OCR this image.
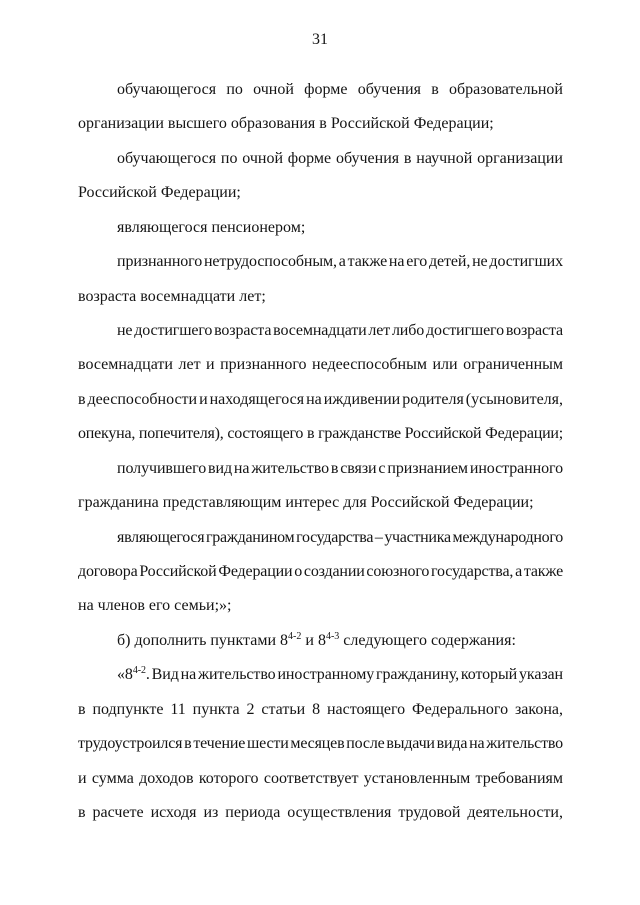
31
обучающегося по очной форме обучения в образовательной
организации высшего образования в Российской Федерации;
обучающегося по очной форме обучения в научной организации
Российской Федерации;
являющегося пенсионером;
признанного нетрудоспособным, а также на его детей, не достигших
возраста восемнадцати лет;
не достигшего возраста восемнадцати лет либо достигшего возраста
восемнадцати лет и признанного недееспособным или ограниченным
в дееспособности и находящегося на иждивении родителя (усыновителя,
опекуна, попечителя), состоящего в гражданстве Российской Федерации;
получившего вид на жительство в связи с признанием иностранного
гражданина представляющим интерес для Российской Федерации;
являющегося гражданином государства – участника международного
договора Российской Федерации о создании союзного государства, а также
на членов его семьи;»;
б) дополнить пунктами 8$^{4-2}$ и 8$^{4-3}$ следующего содержания:
«8$^{4-2}$. Вид на жительство иностранному гражданину, который указан
в подпункте 11 пункта 2 статьи 8 настоящего Федерального закона,
трудоустроился в течение шести месяцев после выдачи вида на жительство
и сумма доходов которого соответствует установленным требованиям
в расчете исходя из периода осуществления трудовой деятельности,
